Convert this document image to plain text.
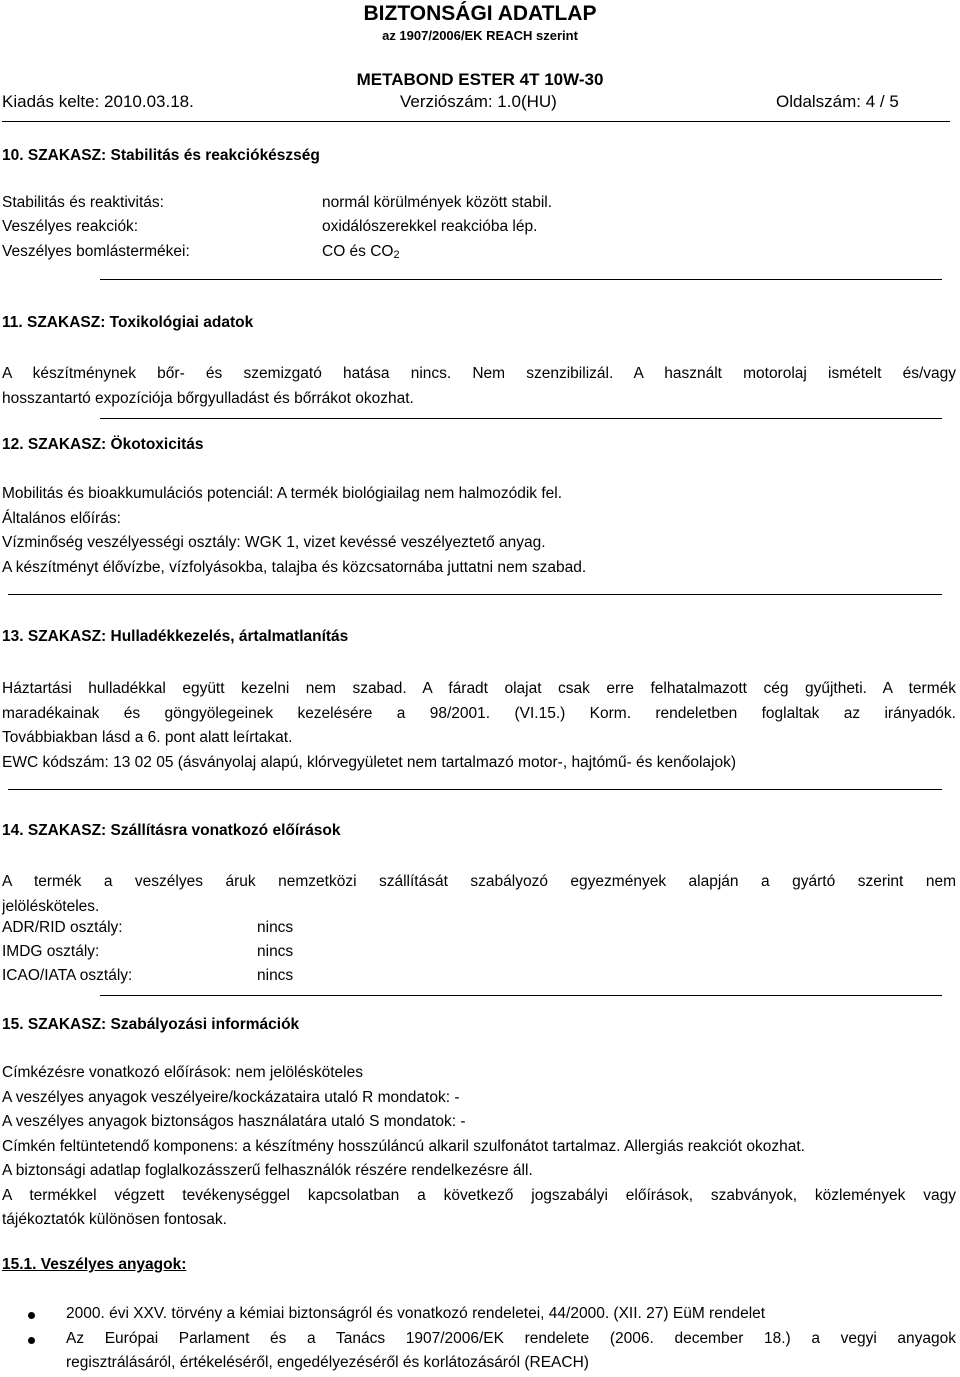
BIZTONSÁGI ADATLAP
az 1907/2006/EK REACH szerint
METABOND ESTER 4T 10W-30
Kiadás kelte: 2010.03.18.	Verziószám: 1.0(HU)	Oldalszám: 4 / 5
10. SZAKASZ: Stabilitás és reakciókészség
Stabilitás és reaktivitás:	normál körülmények között stabil.
Veszélyes reakciók:	oxidálószerekkel reakcióba lép.
Veszélyes bomlástermékei:	CO és $CO_2$
11. SZAKASZ: Toxikológiai adatok
A készítménynek bőr- és szemizgató hatása nincs. Nem szenzibilizál. A használt motorolaj ismételt és/vagy
hosszantartó expozíciója bőrgyulladást és bőrrákot okozhat.
12. SZAKASZ: Ökotoxicitás
Mobilitás és bioakkumulációs potenciál: A termék biológiailag nem halmozódik fel.
Általános előírás:
Vízminőség veszélyességi osztály: WGK 1, vizet kevéssé veszélyeztető anyag.
A készítményt élővízbe, vízfolyásokba, talajba és közcsatornába juttatni nem szabad.
13. SZAKASZ: Hulladékkezelés, ártalmatlanítás
Háztartási hulladékkal együtt kezelni nem szabad. A fáradt olajat csak erre felhatalmazott cég gyűjtheti. A termék
maradékainak és göngyölegeinek kezelésére a 98/2001. (VI.15.) Korm. rendeletben foglaltak az irányadók.
Továbbiakban lásd a 6. pont alatt leírtakat.
EWC kódszám: 13 02 05 (ásványolaj alapú, klórvegyületet nem tartalmazó motor-, hajtómű- és kenőolajok)
14. SZAKASZ: Szállításra vonatkozó előírások
A termék a veszélyes áruk nemzetközi szállítását szabályozó egyezmények alapján a gyártó szerint nem
jelölésköteles.
ADR/RID osztály:	nincs
IMDG osztály:	nincs
ICAO/IATA osztály:	nincs
15. SZAKASZ: Szabályozási információk
Címkézésre vonatkozó előírások: nem jelölésköteles
A veszélyes anyagok veszélyeire/kockázataira utaló R mondatok: -
A veszélyes anyagok biztonságos használatára utaló S mondatok: -
Címkén feltüntetendő komponens: a készítmény hosszúláncú alkaril szulfonátot tartalmaz. Allergiás reakciót okozhat.
A biztonsági adatlap foglalkozásszerű felhasználók részére rendelkezésre áll.
A termékkel végzett tevékenységgel kapcsolatban a következő jogszabályi előírások, szabványok, közlemények vagy
tájékoztatók különösen fontosak.
15.1. Veszélyes anyagok:
2000. évi XXV. törvény a kémiai biztonságról és vonatkozó rendeletei, 44/2000. (XII. 27) EüM rendelet
Az Európai Parlament és a Tanács 1907/2006/EK rendelete (2006. december 18.) a vegyi anyagok
regisztrálásáról, értékeléséről, engedélyezéséről és korlátozásáról (REACH)
